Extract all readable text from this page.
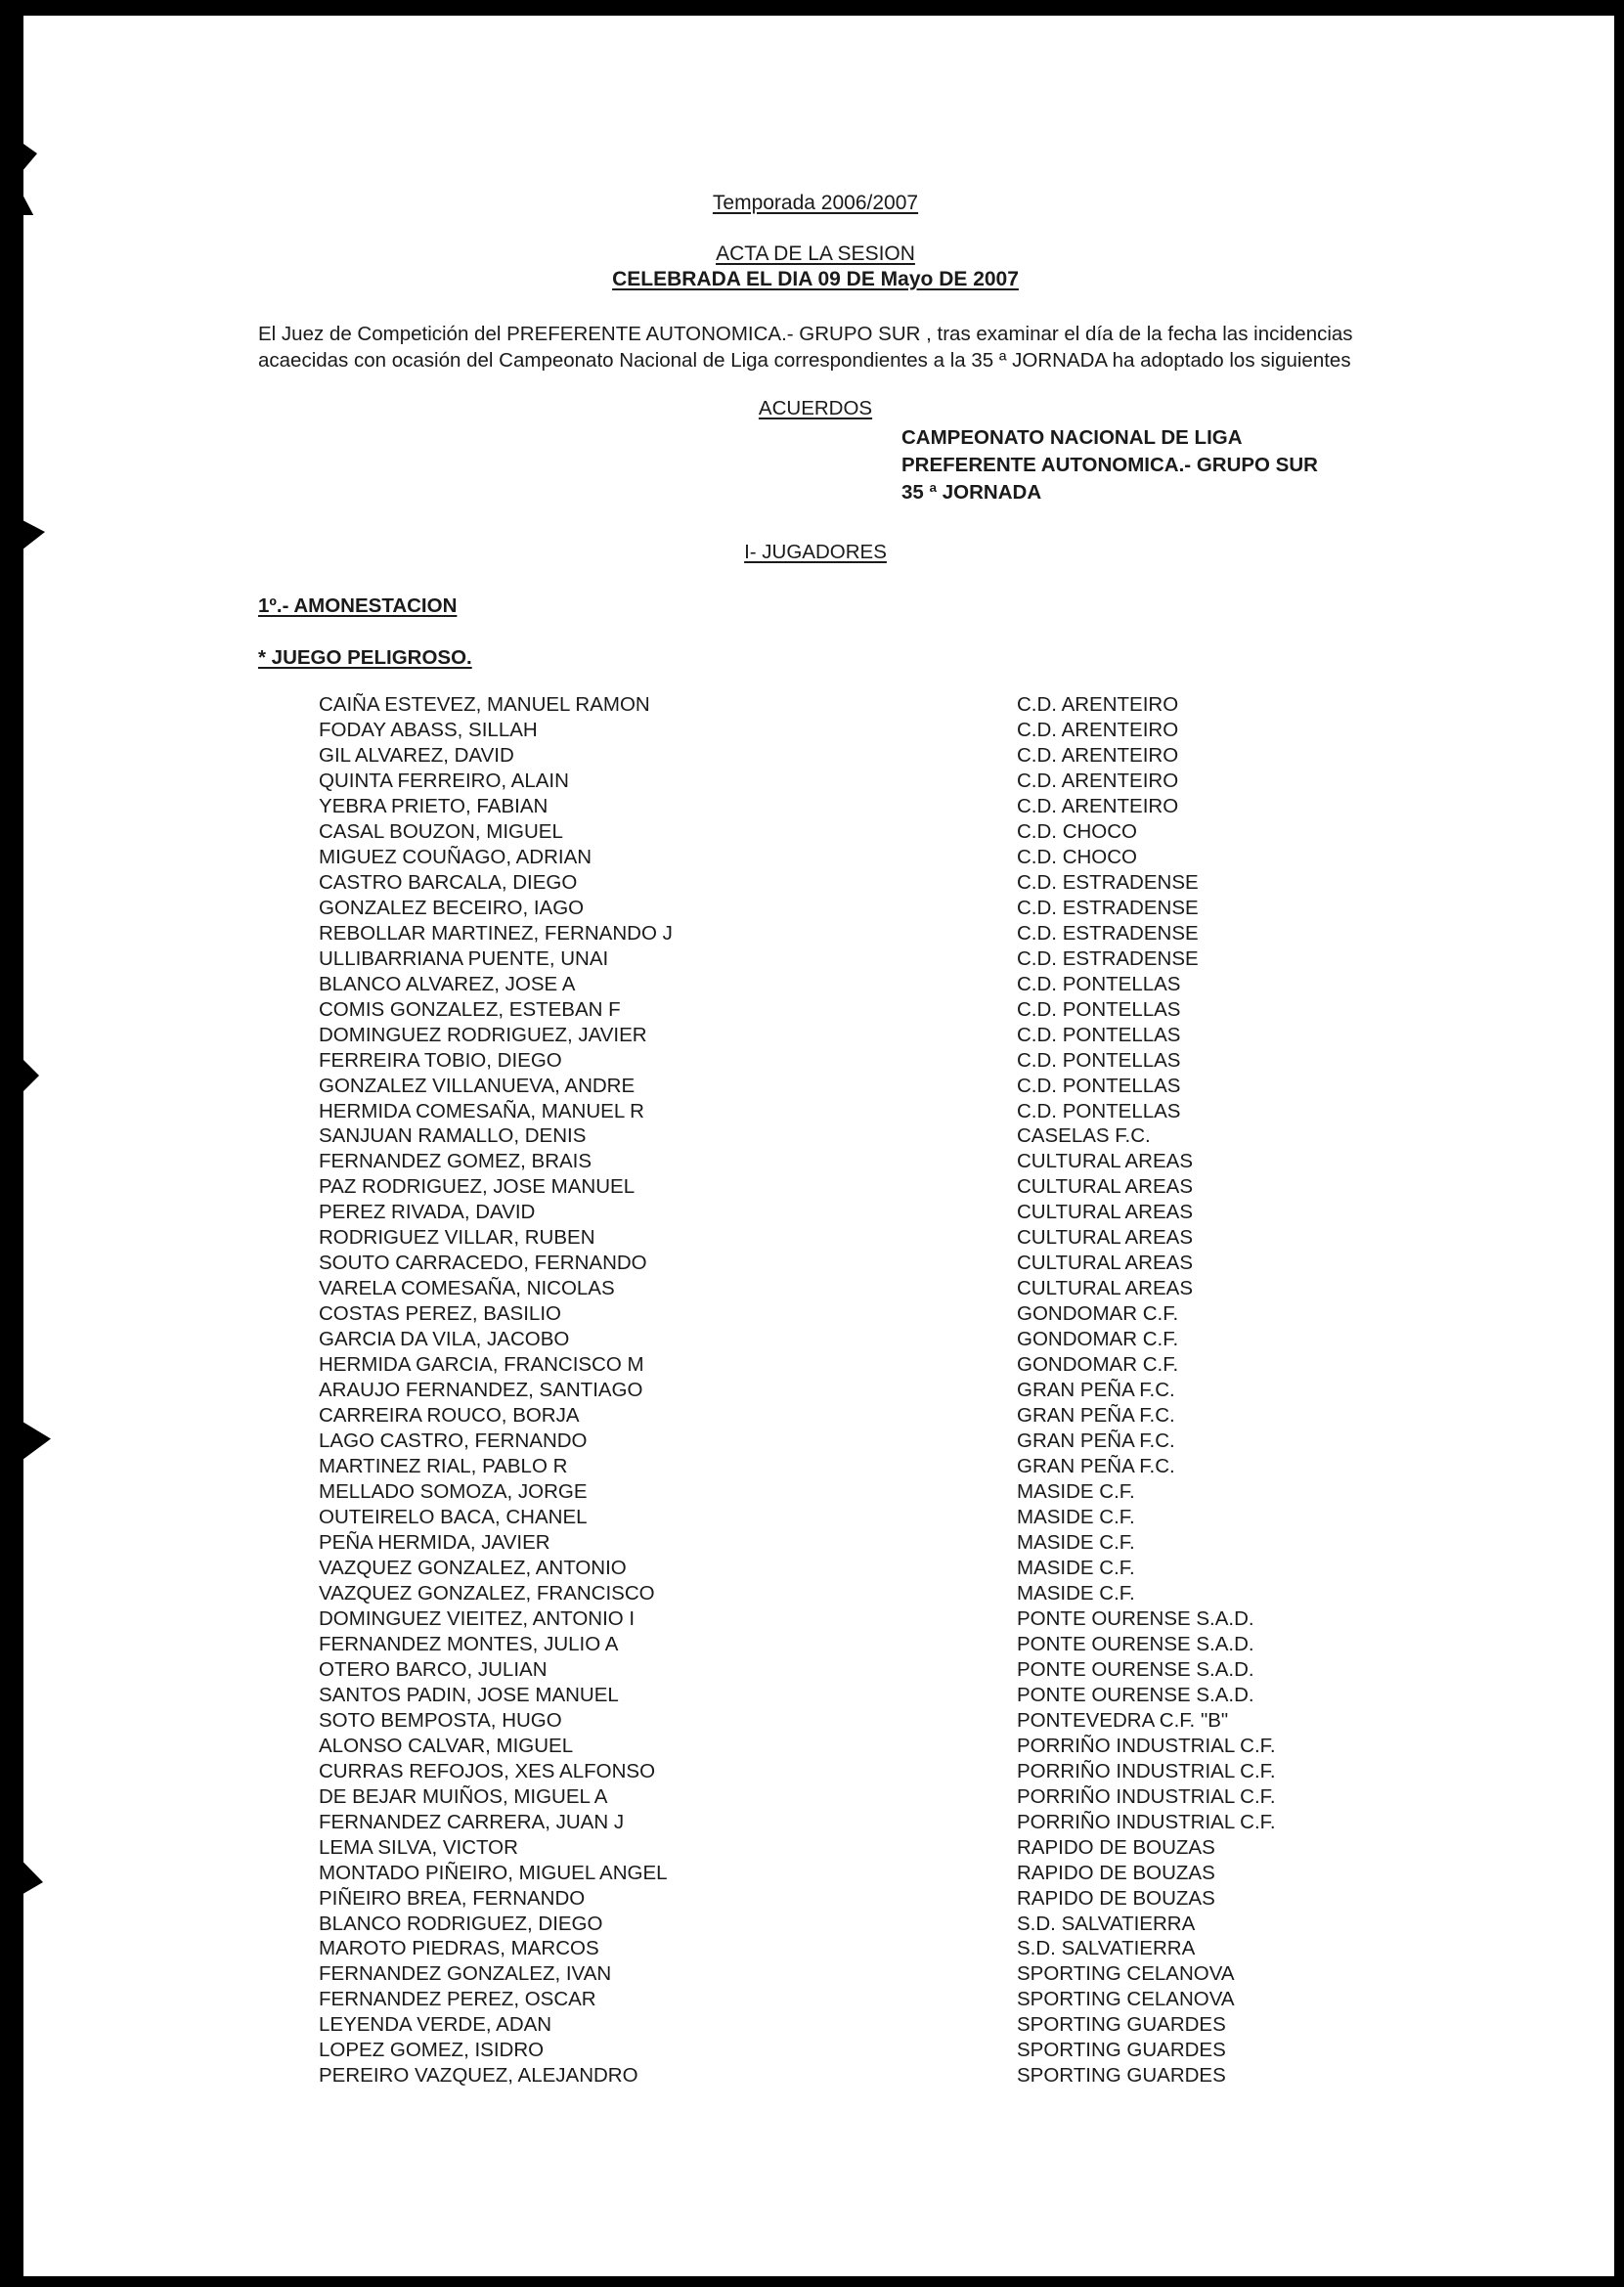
Temporada 2006/2007
ACTA DE LA SESION
CELEBRADA EL DIA 09 DE Mayo DE 2007

El Juez de Competición del PREFERENTE AUTONOMICA.- GRUPO SUR , tras examinar el día de la fecha las incidencias
acaecidas con ocasión del Campeonato Nacional de Liga correspondientes a la 35 ª JORNADA ha adoptado los siguientes

ACUERDOS
CAMPEONATO NACIONAL DE LIGA
PREFERENTE AUTONOMICA.- GRUPO SUR
35 ª JORNADA
I- JUGADORES
1º.- AMONESTACION
* JUEGO PELIGROSO.
CAIÑA ESTEVEZ, MANUEL RAMON	C.D. ARENTEIRO
FODAY ABASS, SILLAH	C.D. ARENTEIRO
GIL ALVAREZ, DAVID	C.D. ARENTEIRO
QUINTA FERREIRO, ALAIN	C.D. ARENTEIRO
YEBRA PRIETO, FABIAN	C.D. ARENTEIRO
CASAL BOUZON, MIGUEL	C.D. CHOCO
MIGUEZ COUÑAGO, ADRIAN	C.D. CHOCO
CASTRO BARCALA, DIEGO	C.D. ESTRADENSE
GONZALEZ BECEIRO, IAGO	C.D. ESTRADENSE
REBOLLAR MARTINEZ, FERNANDO J	C.D. ESTRADENSE
ULLIBARRIANA PUENTE, UNAI	C.D. ESTRADENSE
BLANCO ALVAREZ, JOSE A	C.D. PONTELLAS
COMIS GONZALEZ, ESTEBAN F	C.D. PONTELLAS
DOMINGUEZ RODRIGUEZ, JAVIER	C.D. PONTELLAS
FERREIRA TOBIO, DIEGO	C.D. PONTELLAS
GONZALEZ VILLANUEVA, ANDRE	C.D. PONTELLAS
HERMIDA COMESAÑA, MANUEL R	C.D. PONTELLAS
SANJUAN RAMALLO, DENIS	CASELAS F.C.
FERNANDEZ GOMEZ, BRAIS	CULTURAL AREAS
PAZ RODRIGUEZ, JOSE MANUEL	CULTURAL AREAS
PEREZ RIVADA, DAVID	CULTURAL AREAS
RODRIGUEZ VILLAR, RUBEN	CULTURAL AREAS
SOUTO CARRACEDO, FERNANDO	CULTURAL AREAS
VARELA COMESAÑA, NICOLAS	CULTURAL AREAS
COSTAS PEREZ, BASILIO	GONDOMAR C.F.
GARCIA DA VILA, JACOBO	GONDOMAR C.F.
HERMIDA GARCIA, FRANCISCO M	GONDOMAR C.F.
ARAUJO FERNANDEZ, SANTIAGO	GRAN PEÑA F.C.
CARREIRA ROUCO, BORJA	GRAN PEÑA F.C.
LAGO CASTRO, FERNANDO	GRAN PEÑA F.C.
MARTINEZ RIAL, PABLO R	GRAN PEÑA F.C.
MELLADO SOMOZA, JORGE	MASIDE C.F.
OUTEIRELO BACA, CHANEL	MASIDE C.F.
PEÑA HERMIDA, JAVIER	MASIDE C.F.
VAZQUEZ GONZALEZ, ANTONIO	MASIDE C.F.
VAZQUEZ GONZALEZ, FRANCISCO	MASIDE C.F.
DOMINGUEZ VIEITEZ, ANTONIO I	PONTE OURENSE S.A.D.
FERNANDEZ MONTES, JULIO A	PONTE OURENSE S.A.D.
OTERO BARCO, JULIAN	PONTE OURENSE S.A.D.
SANTOS PADIN, JOSE MANUEL	PONTE OURENSE S.A.D.
SOTO BEMPOSTA, HUGO	PONTEVEDRA C.F. "B"
ALONSO CALVAR, MIGUEL	PORRIÑO INDUSTRIAL C.F.
CURRAS REFOJOS, XES ALFONSO	PORRIÑO INDUSTRIAL C.F.
DE BEJAR MUIÑOS, MIGUEL A	PORRIÑO INDUSTRIAL C.F.
FERNANDEZ CARRERA, JUAN J	PORRIÑO INDUSTRIAL C.F.
LEMA SILVA, VICTOR	RAPIDO DE BOUZAS
MONTADO PIÑEIRO, MIGUEL ANGEL	RAPIDO DE BOUZAS
PIÑEIRO BREA, FERNANDO	RAPIDO DE BOUZAS
BLANCO RODRIGUEZ, DIEGO	S.D. SALVATIERRA
MAROTO PIEDRAS, MARCOS	S.D. SALVATIERRA
FERNANDEZ GONZALEZ, IVAN	SPORTING CELANOVA
FERNANDEZ PEREZ, OSCAR	SPORTING CELANOVA
LEYENDA VERDE, ADAN	SPORTING GUARDES
LOPEZ GOMEZ, ISIDRO	SPORTING GUARDES
PEREIRO VAZQUEZ, ALEJANDRO	SPORTING GUARDES
